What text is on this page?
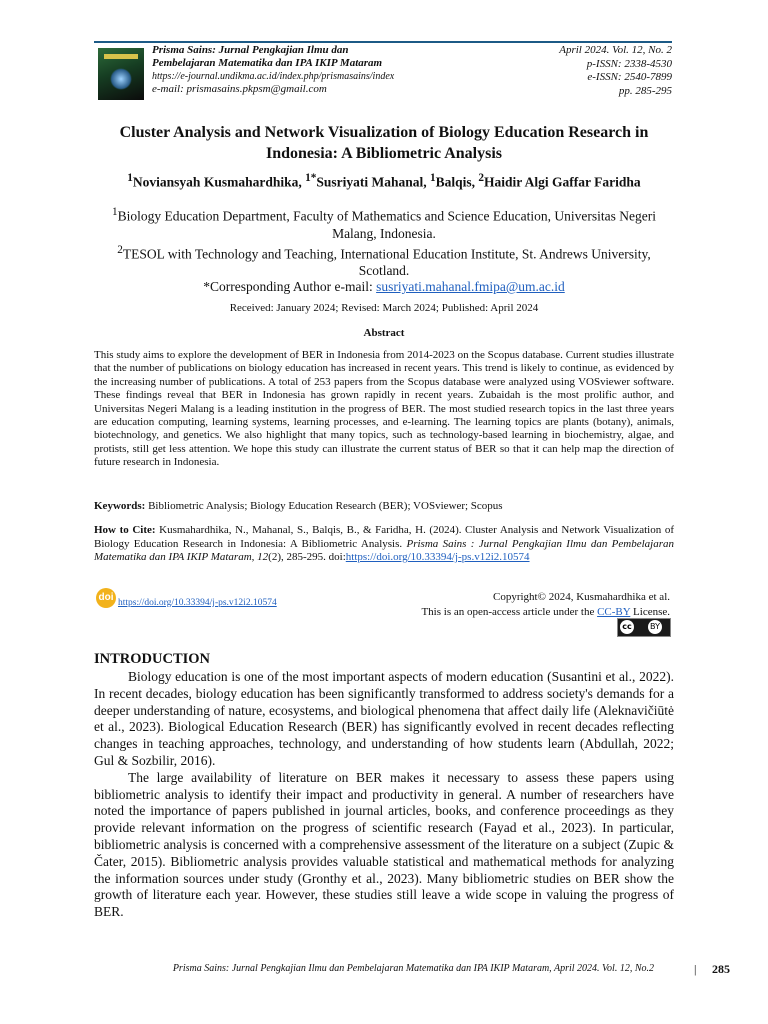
Prisma Sains: Jurnal Pengkajian Ilmu dan
Pembelajaran Matematika dan IPA IKIP Mataram
https://e-journal.undikma.ac.id/index.php/prismasains/index
e-mail: prismasains.pkpsm@gmail.com
April 2024. Vol. 12, No. 2
p-ISSN: 2338-4530
e-ISSN: 2540-7899
pp. 285-295
Cluster Analysis and Network Visualization of Biology Education Research in Indonesia: A Bibliometric Analysis
$^1$Noviansyah Kusmahardhika, $^{1*}$Susriyati Mahanal, $^1$Balqis, $^2$Haidir Algi Gaffar Faridha

$^1$Biology Education Department, Faculty of Mathematics and Science Education, Universitas Negeri Malang, Indonesia.

$^2$TESOL with Technology and Teaching, International Education Institute, St. Andrews University, Scotland.

*Corresponding Author e-mail: susriyati.mahanal.fmipa@um.ac.id
Received: January 2024; Revised: March 2024; Published: April 2024
Abstract
This study aims to explore the development of BER in Indonesia from 2014-2023 on the Scopus database. Current studies illustrate that the number of publications on biology education has increased in recent years. This trend is likely to continue, as evidenced by the increasing number of publications. A total of 253 papers from the Scopus database were analyzed using VOSviewer software. These findings reveal that BER in Indonesia has grown rapidly in recent years. Zubaidah is the most prolific author, and Universitas Negeri Malang is a leading institution in the progress of BER. The most studied research topics in the last three years are education computing, learning systems, learning processes, and e-learning. The learning topics are plants (botany), animals, biotechnology, and genetics. We also highlight that many topics, such as technology-based learning in biochemistry, algae, and protists, still get less attention. We hope this study can illustrate the current status of BER so that it can help map the direction of future research in Indonesia.
Keywords: Bibliometric Analysis; Biology Education Research (BER); VOSviewer; Scopus
How to Cite: Kusmahardhika, N., Mahanal, S., Balqis, B., & Faridha, H. (2024). Cluster Analysis and Network Visualization of Biology Education Research in Indonesia: A Bibliometric Analysis. Prisma Sains : Jurnal Pengkajian Ilmu dan Pembelajaran Matematika dan IPA IKIP Mataram, 12(2), 285-295. doi:https://doi.org/10.33394/j-ps.v12i2.10574
doi https://doi.org/10.33394/j-ps.v12i2.10574	Copyright© 2024, Kusmahardhika et al.
This is an open-access article under the CC-BY License.
cc BY
INTRODUCTION

Biology education is one of the most important aspects of modern education (Susantini et al., 2022). In recent decades, biology education has been significantly transformed to address society's demands for a deeper understanding of nature, ecosystems, and biological phenomena that affect daily life (Aleknavičiūtė et al., 2023). Biological Education Research (BER) has significantly evolved in recent decades reflecting changes in teaching approaches, technology, and understanding of how students learn (Abdullah, 2022; Gul & Sozbilir, 2016).

The large availability of literature on BER makes it necessary to assess these papers using bibliometric analysis to identify their impact and productivity in general. A number of researchers have noted the importance of papers published in journal articles, books, and conference proceedings as they provide relevant information on the progress of scientific research (Fayad et al., 2023). In particular, bibliometric analysis is concerned with a comprehensive assessment of the literature on a subject (Zupic & Čater, 2015). Bibliometric analysis provides valuable statistical and mathematical methods for analyzing the information sources under study (Gronthy et al., 2023). Many bibliometric studies on BER show the growth of literature each year. However, these studies still leave a wide scope in valuing the progress of BER.

Prisma Sains: Jurnal Pengkajian Ilmu dan Pembelajaran Matematika dan IPA IKIP Mataram, April 2024. Vol. 12, No.2	| 285
